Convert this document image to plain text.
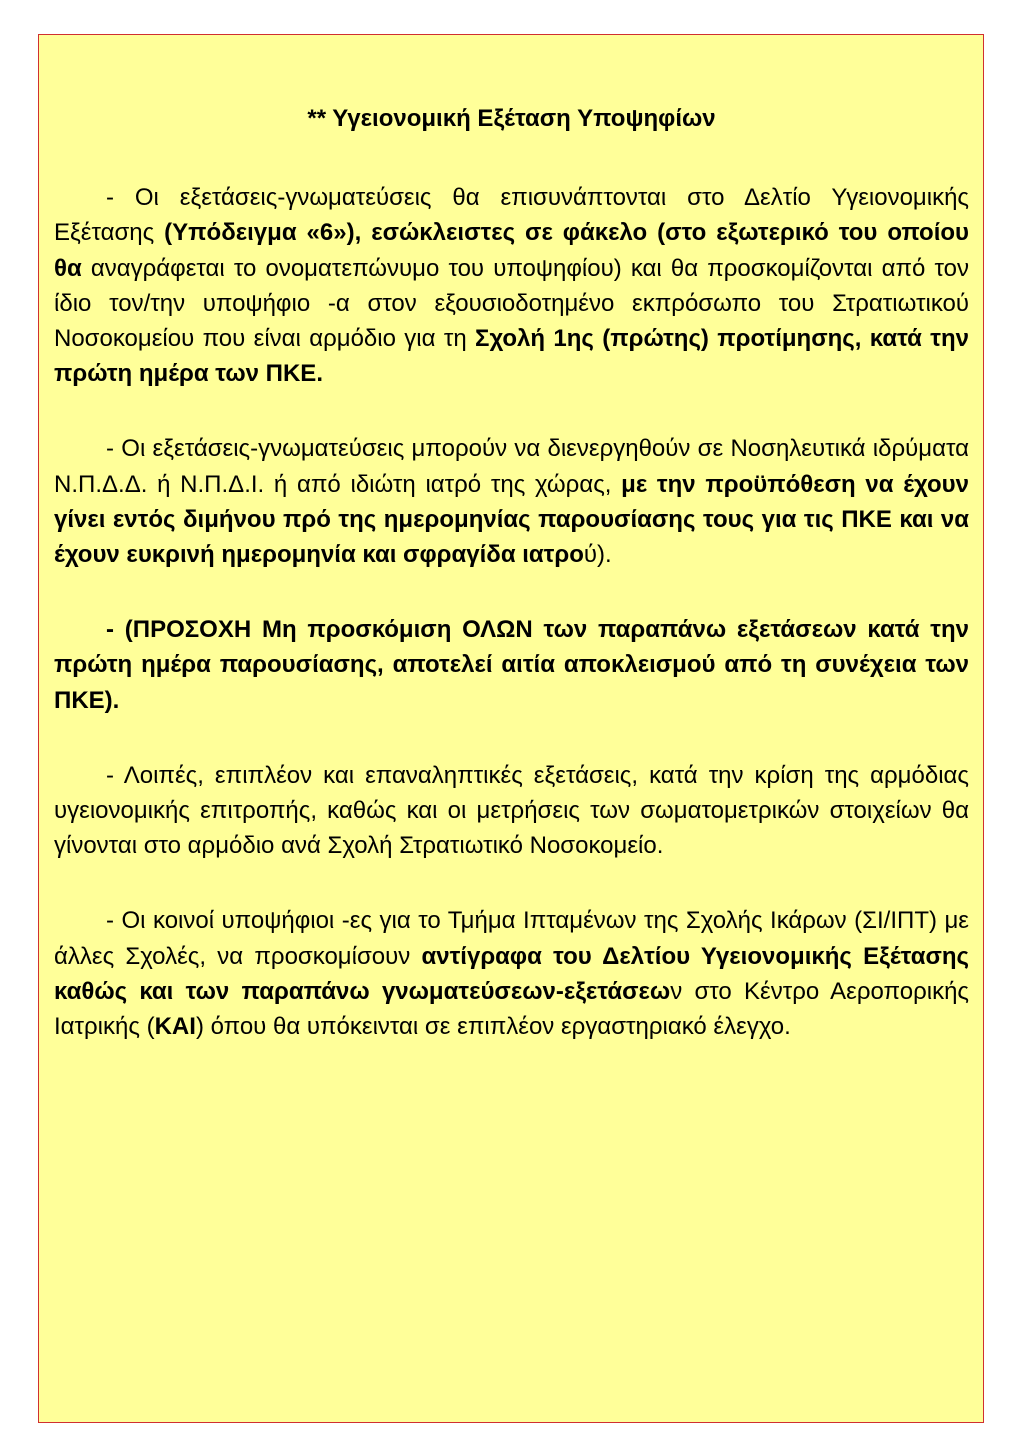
** Υγειονομική Εξέταση Υποψηφίων

- Οι εξετάσεις-γνωματεύσεις θα επισυνάπτονται στο Δελτίο Υγειονομικής Εξέτασης (Υπόδειγμα «6»), εσώκλειστες σε φάκελο (στο εξωτερικό του οποίου θα αναγράφεται το ονοματεπώνυμο του υποψηφίου) και θα προσκομίζονται από τον ίδιο τον/την υποψήφιο -α στον εξουσιοδοτημένο εκπρόσωπο του Στρατιωτικού Νοσοκομείου που είναι αρμόδιο για τη Σχολή 1ης (πρώτης) προτίμησης, κατά την πρώτη ημέρα των ΠΚΕ.

- Οι εξετάσεις-γνωματεύσεις μπορούν να διενεργηθούν σε Νοσηλευτικά ιδρύματα Ν.Π.Δ.Δ. ή Ν.Π.Δ.Ι. ή από ιδιώτη ιατρό της χώρας, με την προϋπόθεση να έχουν γίνει εντός διμήνου πρό της ημερομηνίας παρουσίασης τους για τις ΠΚΕ και να έχουν ευκρινή ημερομηνία και σφραγίδα ιατρού).

- (ΠΡΟΣΟΧΗ Μη προσκόμιση ΟΛΩΝ των παραπάνω εξετάσεων κατά την πρώτη ημέρα παρουσίασης, αποτελεί αιτία αποκλεισμού από τη συνέχεια των ΠΚΕ).

- Λοιπές, επιπλέον και επαναληπτικές εξετάσεις, κατά την κρίση της αρμόδιας υγειονομικής επιτροπής, καθώς και οι μετρήσεις των σωματομετρικών στοιχείων θα γίνονται στο αρμόδιο ανά Σχολή Στρατιωτικό Νοσοκομείο.

- Οι κοινοί υποψήφιοι -ες για το Τμήμα Ιπταμένων της Σχολής Ικάρων (ΣΙ/ΙΠΤ) με άλλες Σχολές, να προσκομίσουν αντίγραφα του Δελτίου Υγειονομικής Εξέτασης καθώς και των παραπάνω γνωματεύσεων-εξετάσεων στο Κέντρο Αεροπορικής Ιατρικής (ΚΑΙ) όπου θα υπόκεινται σε επιπλέον εργαστηριακό έλεγχο.
